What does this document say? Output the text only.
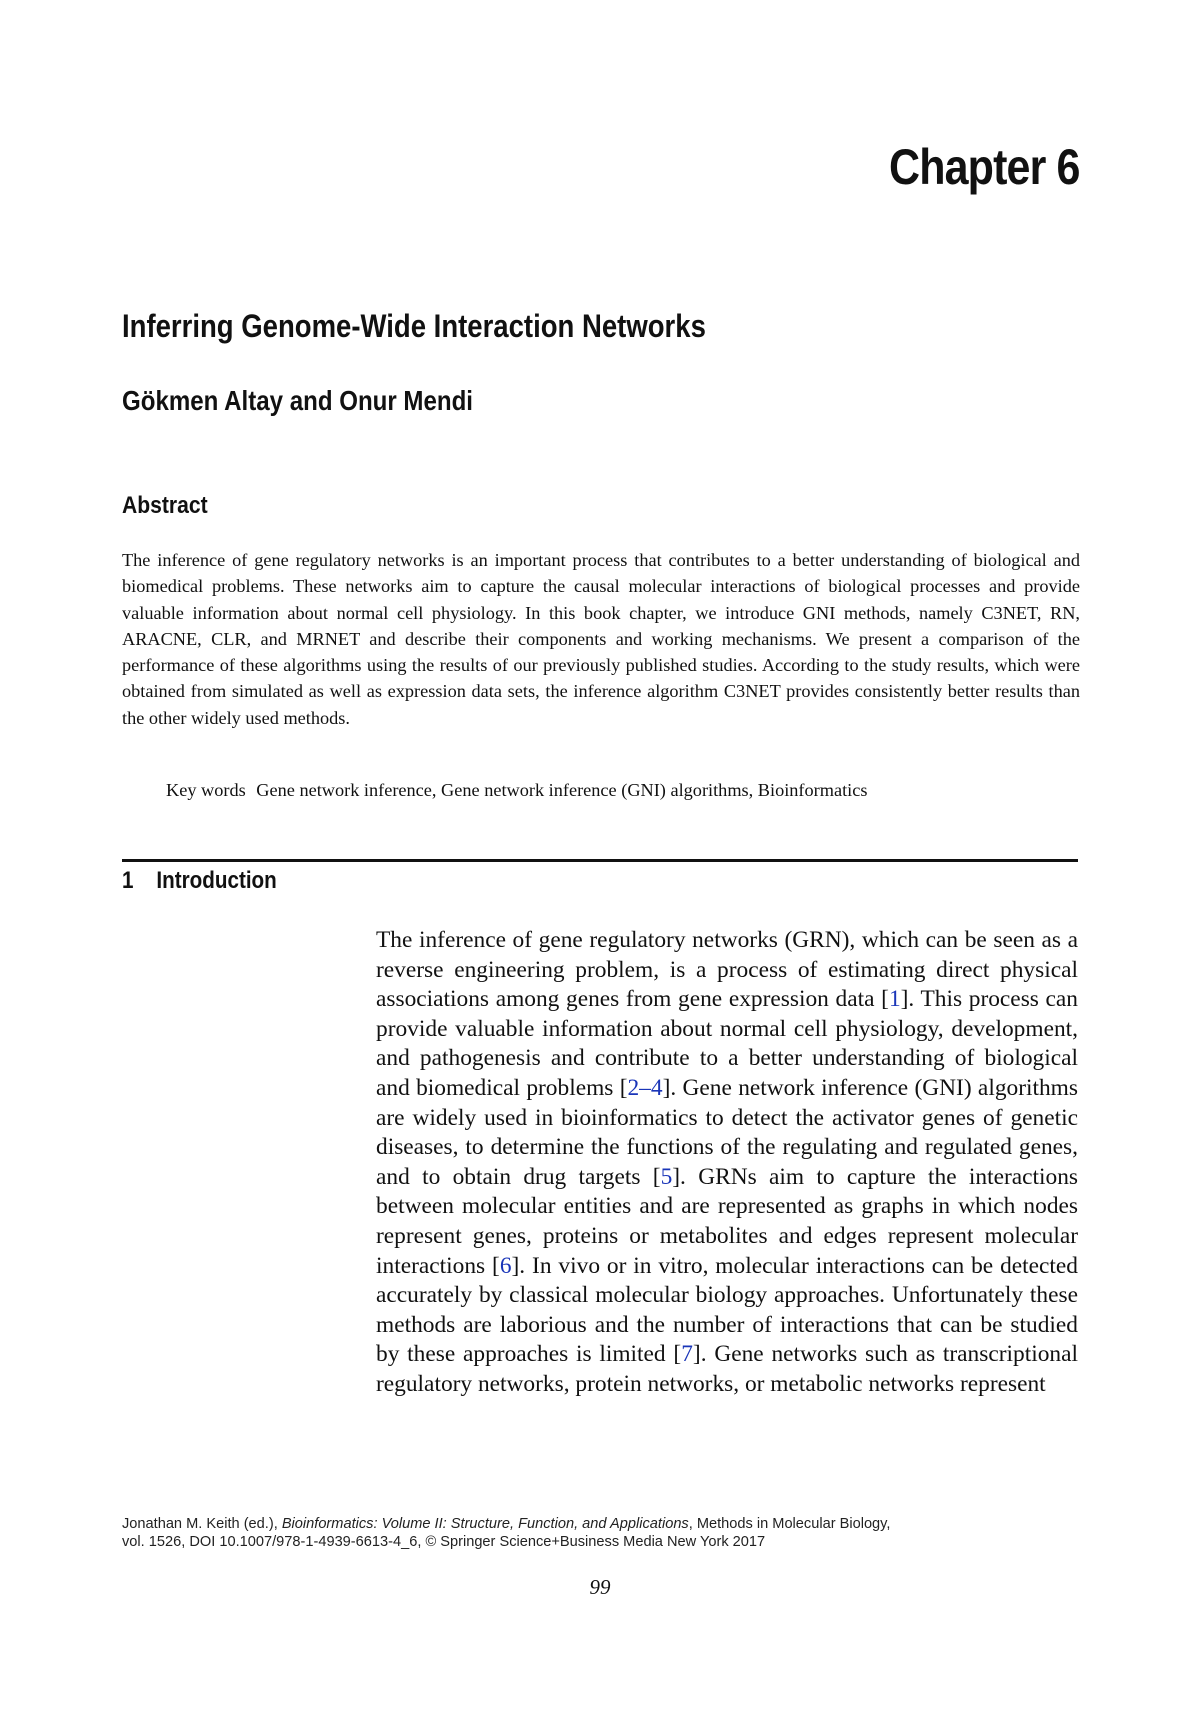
Chapter 6
Inferring Genome-Wide Interaction Networks
Gökmen Altay and Onur Mendi
Abstract
The inference of gene regulatory networks is an important process that contributes to a better understanding of biological and biomedical problems. These networks aim to capture the causal molecular interactions of biological processes and provide valuable information about normal cell physiology. In this book chapter, we introduce GNI methods, namely C3NET, RN, ARACNE, CLR, and MRNET and describe their components and working mechanisms. We present a comparison of the performance of these algorithms using the results of our previously published studies. According to the study results, which were obtained from simulated as well as expression data sets, the inference algorithm C3NET provides consistently better results than the other widely used methods.
Key words Gene network inference, Gene network inference (GNI) algorithms, Bioinformatics
1 Introduction
The inference of gene regulatory networks (GRN), which can be seen as a reverse engineering problem, is a process of estimating direct physical associations among genes from gene expression data [1]. This process can provide valuable information about normal cell physiology, development, and pathogenesis and contribute to a better understanding of biological and biomedical problems [2–4]. Gene network inference (GNI) algorithms are widely used in bioinformatics to detect the activator genes of genetic diseases, to determine the functions of the regulating and regulated genes, and to obtain drug targets [5]. GRNs aim to capture the interactions between molecular entities and are represented as graphs in which nodes represent genes, proteins or metabolites and edges represent molecular interactions [6]. In vivo or in vitro, molecular interactions can be detected accurately by classical molecular biology approaches. Unfortunately these methods are laborious and the number of interactions that can be studied by these approaches is limited [7]. Gene networks such as transcriptional regulatory networks, protein networks, or metabolic networks represent
Jonathan M. Keith (ed.), Bioinformatics: Volume II: Structure, Function, and Applications, Methods in Molecular Biology,
vol. 1526, DOI 10.1007/978-1-4939-6613-4_6, © Springer Science+Business Media New York 2017
99
